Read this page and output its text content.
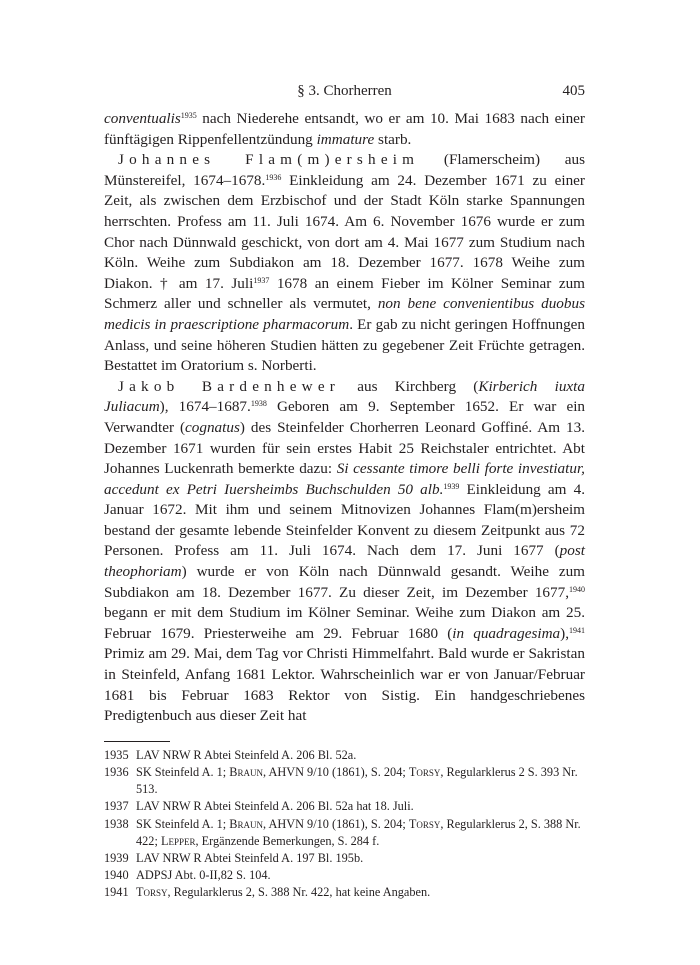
§ 3. Chorherren	405

conventualis$^{1935}$ nach Niederehe entsandt, wo er am 10. Mai 1683 nach einer fünftägigen Rippenfellentzündung immature starb.

Johannes Flam(m)ersheim (Flamerscheim) aus Münstereifel, 1674–1678.$^{1936}$ Einkleidung am 24. Dezember 1671 zu einer Zeit, als zwischen dem Erzbischof und der Stadt Köln starke Spannungen herrschten. Profess am 11. Juli 1674. Am 6. November 1676 wurde er zum Chor nach Dünnwald geschickt, von dort am 4. Mai 1677 zum Studium nach Köln. Weihe zum Subdiakon am 18. Dezember 1677. 1678 Weihe zum Diakon. † am 17. Juli$^{1937}$ 1678 an einem Fieber im Kölner Seminar zum Schmerz aller und schneller als vermutet, non bene convenientibus duobus medicis in praescriptione pharmacorum. Er gab zu nicht geringen Hoffnungen Anlass, und seine höheren Studien hätten zu gegebener Zeit Früchte getragen. Bestattet im Oratorium s. Norberti.

Jakob Bardenhewer aus Kirchberg (Kirberich iuxta Juliacum), 1674–1687.$^{1938}$ Geboren am 9. September 1652. Er war ein Verwandter (cognatus) des Steinfelder Chorherren Leonard Goffiné. Am 13. Dezember 1671 wurden für sein erstes Habit 25 Reichstaler entrichtet. Abt Johannes Luckenrath bemerkte dazu: Si cessante timore belli forte investiatur, accedunt ex Petri Iuersheimbs Buchschulden 50 alb.$^{1939}$ Einkleidung am 4. Januar 1672. Mit ihm und seinem Mitnovizen Johannes Flam(m)ersheim bestand der gesamte lebende Steinfelder Konvent zu diesem Zeitpunkt aus 72 Personen. Profess am 11. Juli 1674. Nach dem 17. Juni 1677 (post theophoriam) wurde er von Köln nach Dünnwald gesandt. Weihe zum Subdiakon am 18. Dezember 1677. Zu dieser Zeit, im Dezember 1677,$^{1940}$ begann er mit dem Studium im Kölner Seminar. Weihe zum Diakon am 25. Februar 1679. Priesterweihe am 29. Februar 1680 (in quadragesima),$^{1941}$ Primiz am 29. Mai, dem Tag vor Christi Himmelfahrt. Bald wurde er Sakristan in Steinfeld, Anfang 1681 Lektor. Wahrscheinlich war er von Januar/Februar 1681 bis Februar 1683 Rektor von Sistig. Ein handgeschriebenes Predigtenbuch aus dieser Zeit hat

1935 LAV NRW R Abtei Steinfeld A. 206 Bl. 52a.
1936 SK Steinfeld A. 1; Braun, AHVN 9/10 (1861), S. 204; Torsy, Regularklerus 2 S. 393 Nr. 513.
1937 LAV NRW R Abtei Steinfeld A. 206 Bl. 52a hat 18. Juli.
1938 SK Steinfeld A. 1; Braun, AHVN 9/10 (1861), S. 204; Torsy, Regularklerus 2, S. 388 Nr. 422; Lepper, Ergänzende Bemerkungen, S. 284 f.
1939 LAV NRW R Abtei Steinfeld A. 197 Bl. 195b.
1940 ADPSJ Abt. 0-II,82 S. 104.
1941 Torsy, Regularklerus 2, S. 388 Nr. 422, hat keine Angaben.
